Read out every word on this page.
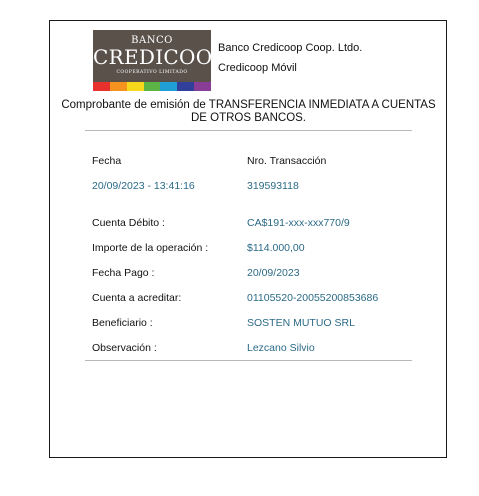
BANCO
CREDICOOP
COOPERATIVO LIMITADO
Banco Credicoop Coop. Ltdo.
Credicoop Móvil
Comprobante de emisión de TRANSFERENCIA INMEDIATA A CUENTAS
DE OTROS BANCOS.
Fecha	Nro. Transacción
20/09/2023 - 13:41:16	319593118
Cuenta Débito :	CA$191-xxx-xxx770/9
Importe de la operación :	$114.000,00
Fecha Pago :	20/09/2023
Cuenta a acreditar:	01105520-20055200853686
Beneficiario :	SOSTEN MUTUO SRL
Observación :	Lezcano Silvio
